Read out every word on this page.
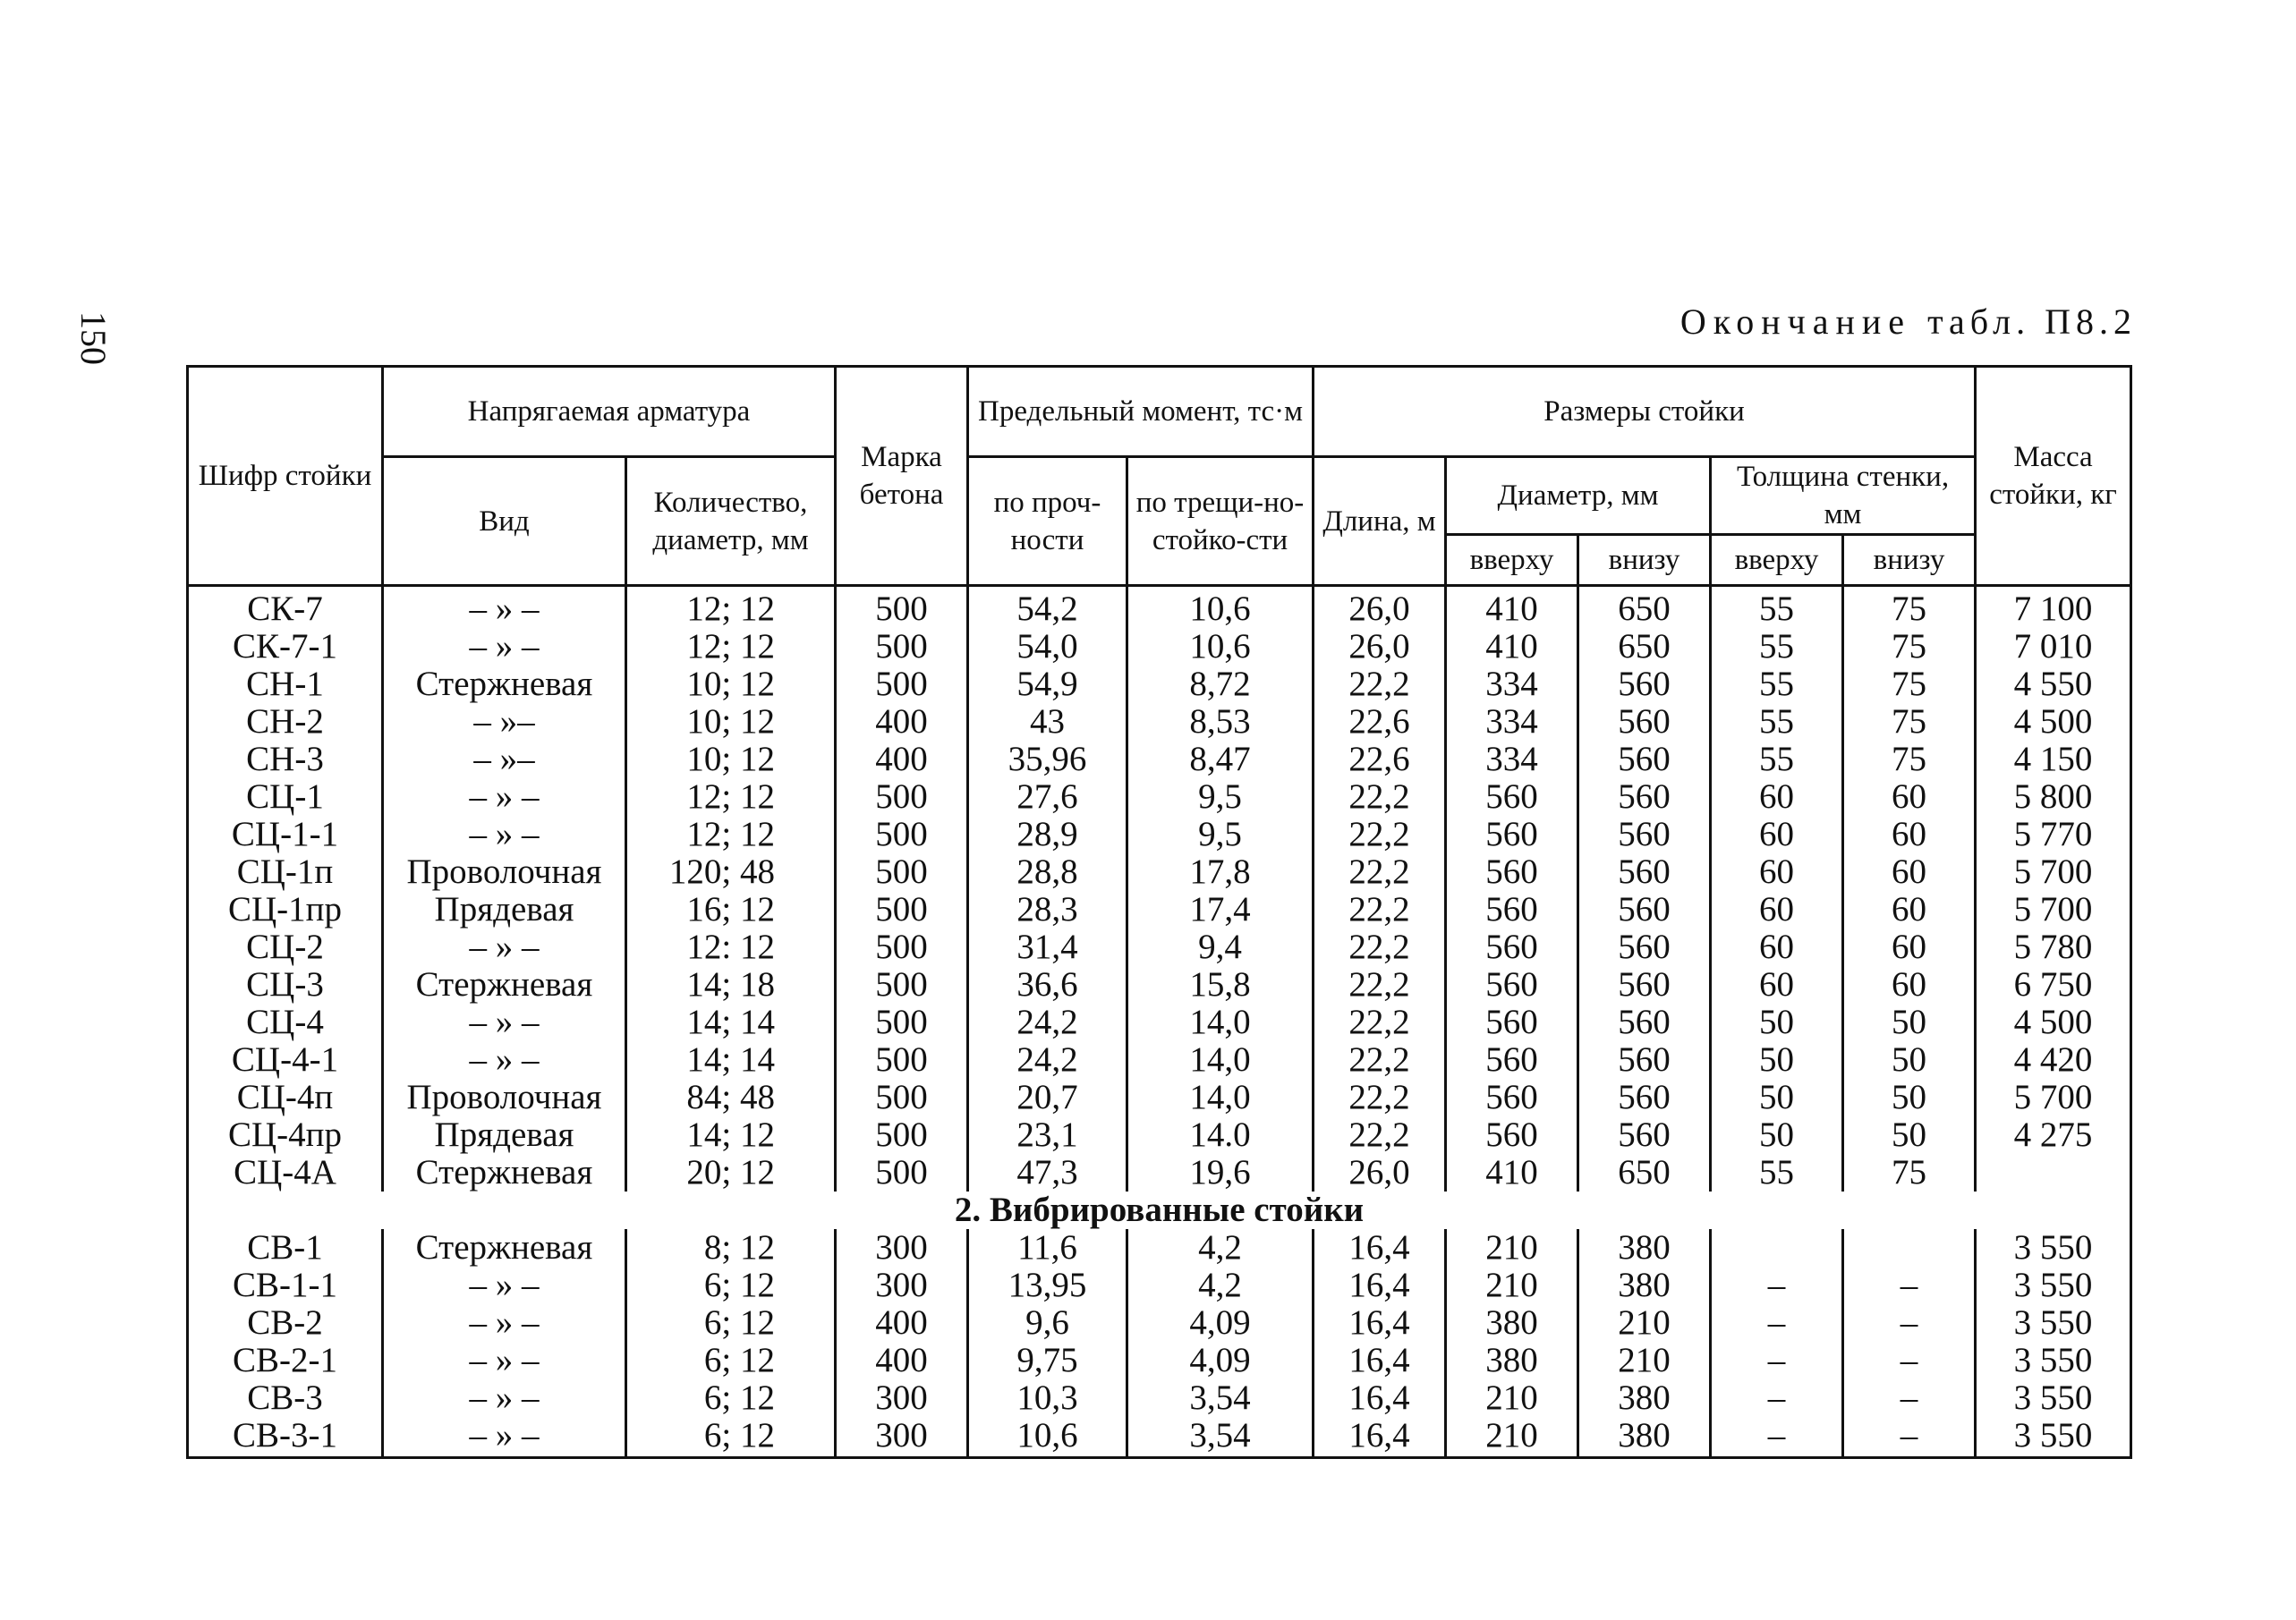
150	Окончание табл. П8.2
Шифр стойки	Напрягаемая арматура		Марка бетона	Предельный момент, тс·м		Размеры стойки					Масса стойки, кг
	Вид	Количество, диаметр, мм		по проч-ности	по трещи-но-стойко-сти	Длина, м	Диаметр, мм		Толщина стенки, мм		
							вверху	внизу	вверху	внизу	
СК-7	– » –	12; 12	500	54,2	10,6	26,0	410	650	55	75	7 100
СК-7-1	– » –	12; 12	500	54,0	10,6	26,0	410	650	55	75	7 010
СН-1	Стержневая	10; 12	500	54,9	8,72	22,2	334	560	55	75	4 550
СН-2	– »–	10; 12	400	43	8,53	22,6	334	560	55	75	4 500
СН-3	– »–	10; 12	400	35,96	8,47	22,6	334	560	55	75	4 150
СЦ-1	– » –	12; 12	500	27,6	9,5	22,2	560	560	60	60	5 800
СЦ-1-1	– » –	12; 12	500	28,9	9,5	22,2	560	560	60	60	5 770
СЦ-1п	Проволочная	120; 48	500	28,8	17,8	22,2	560	560	60	60	5 700
СЦ-1пр	Прядевая	16; 12	500	28,3	17,4	22,2	560	560	60	60	5 700
СЦ-2	– » –	12: 12	500	31,4	9,4	22,2	560	560	60	60	5 780
СЦ-3	Стержневая	14; 18	500	36,6	15,8	22,2	560	560	60	60	6 750
СЦ-4	– » –	14; 14	500	24,2	14,0	22,2	560	560	50	50	4 500
СЦ-4-1	– » –	14; 14	500	24,2	14,0	22,2	560	560	50	50	4 420
СЦ-4п	Проволочная	84; 48	500	20,7	14,0	22,2	560	560	50	50	5 700
СЦ-4пр	Прядевая	14; 12	500	23,1	14.0	22,2	560	560	50	50	4 275
СЦ-4А	Стержневая	20; 12	500	47,3	19,6	26,0	410	650	55	75	
2. Вибрированные стойки											
СВ-1	Стержневая	8; 12	300	11,6	4,2	16,4	210	380			3 550
СВ-1-1	– » –	6; 12	300	13,95	4,2	16,4	210	380	–	–	3 550
СВ-2	– » –	6; 12	400	9,6	4,09	16,4	380	210	–	–	3 550
СВ-2-1	– » –	6; 12	400	9,75	4,09	16,4	380	210	–	–	3 550
СВ-3	– » –	6; 12	300	10,3	3,54	16,4	210	380	–	–	3 550
СВ-3-1	– » –	6; 12	300	10,6	3,54	16,4	210	380	–	–	3 550
